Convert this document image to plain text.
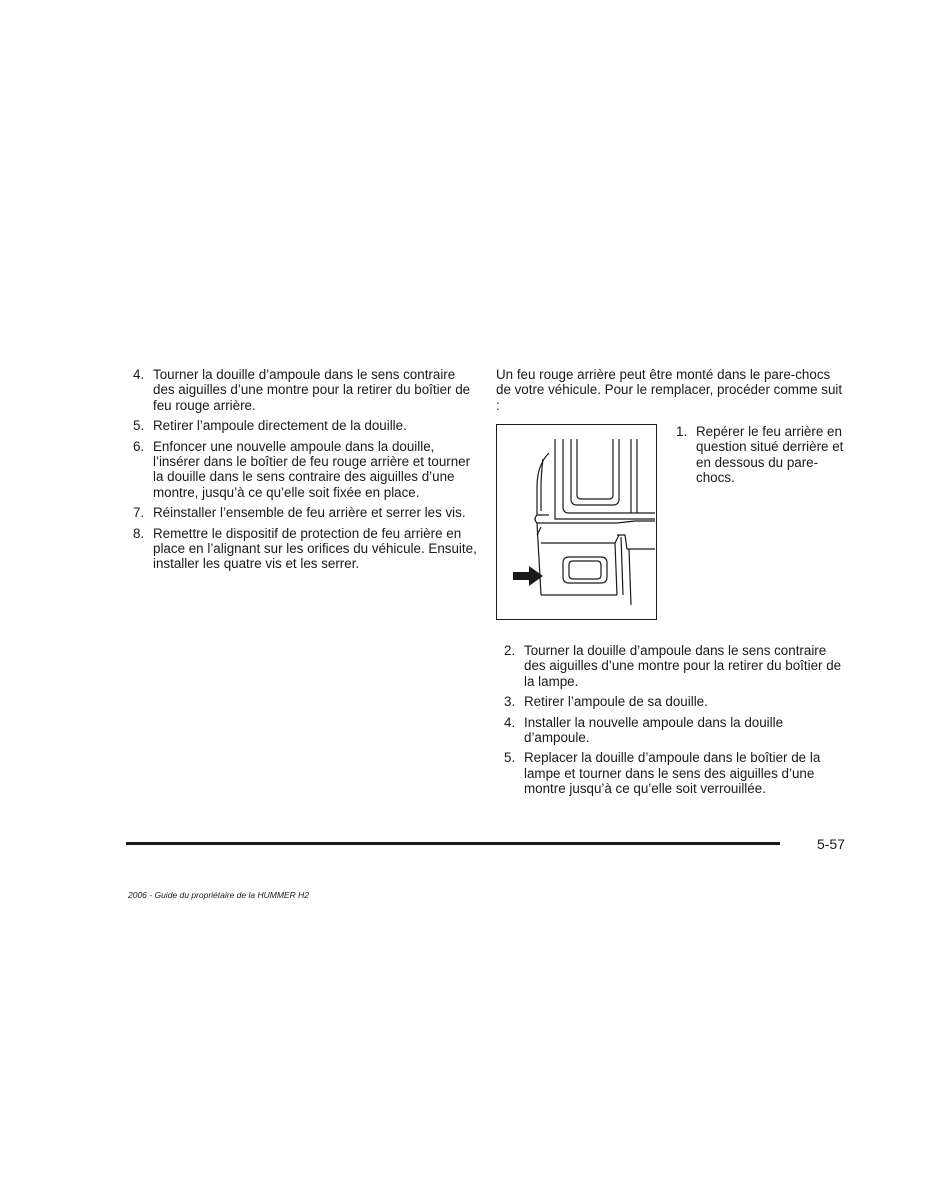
4. Tourner la douille d’ampoule dans le sens contraire des aiguilles d’une montre pour la retirer du boîtier de feu rouge arrière.
5. Retirer l’ampoule directement de la douille.
6. Enfoncer une nouvelle ampoule dans la douille, l’insérer dans le boîtier de feu rouge arrière et tourner la douille dans le sens contraire des aiguilles d’une montre, jusqu’à ce qu’elle soit fixée en place.
7. Réinstaller l’ensemble de feu arrière et serrer les vis.
8. Remettre le dispositif de protection de feu arrière en place en l’alignant sur les orifices du véhicule. Ensuite, installer les quatre vis et les serrer.

Un feu rouge arrière peut être monté dans le pare-chocs de votre véhicule. Pour le remplacer, procéder comme suit :

1. Repérer le feu arrière en question situé derrière et en dessous du pare-chocs.
2. Tourner la douille d’ampoule dans le sens contraire des aiguilles d’une montre pour la retirer du boîtier de la lampe.
3. Retirer l’ampoule de sa douille.
4. Installer la nouvelle ampoule dans la douille d’ampoule.
5. Replacer la douille d’ampoule dans le boîtier de la lampe et tourner dans le sens des aiguilles d’une montre jusqu’à ce qu’elle soit verrouillée.
5-57
2006 - Guide du propriétaire de la HUMMER H2
